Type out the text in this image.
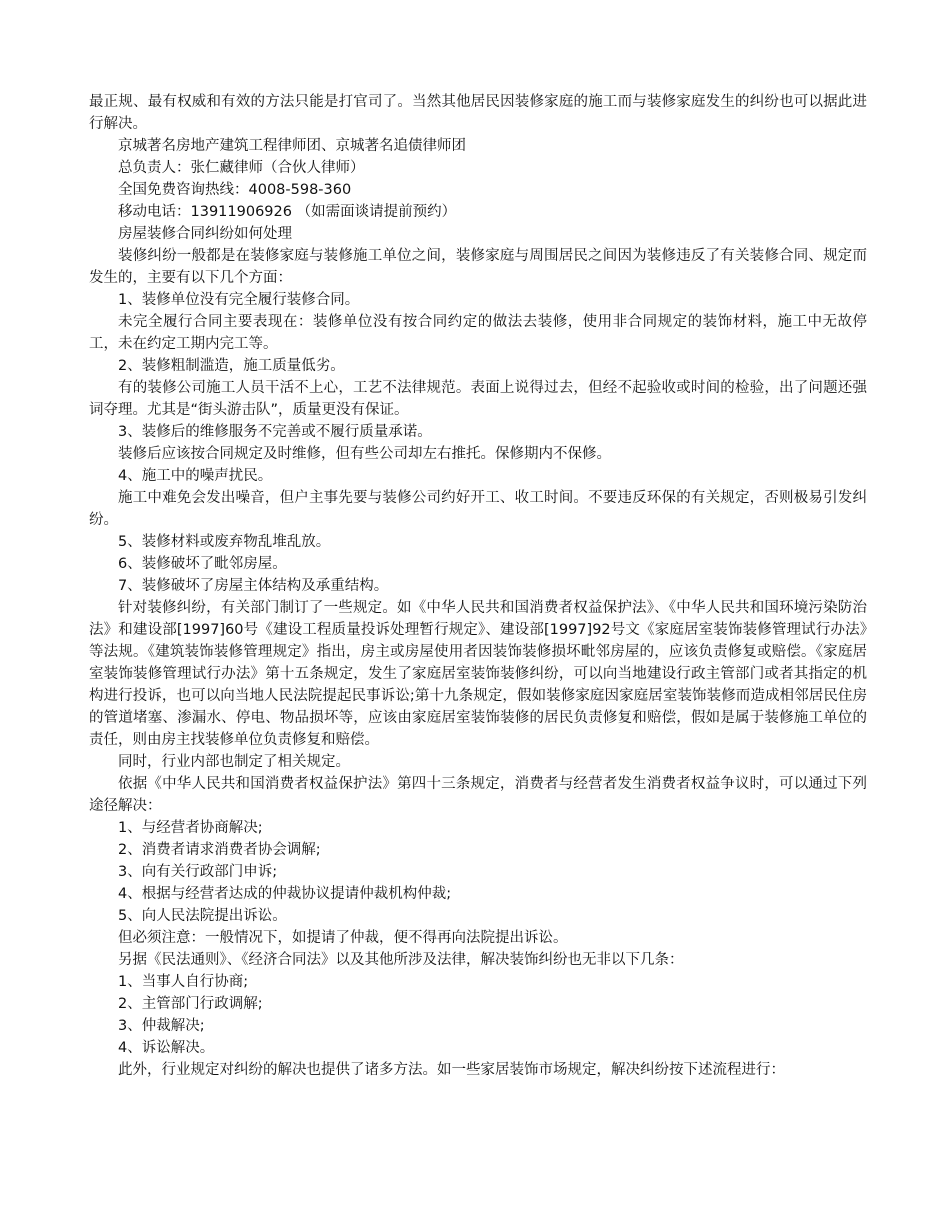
最正规、最有权威和有效的方法只能是打官司了。当然其他居民因装修家庭的施工而与装修家庭发生的纠纷也可以据此进行解决。

京城著名房地产建筑工程律师团、京城著名追债律师团

总负责人：张仁藏律师（合伙人律师）

全国免费咨询热线：4008-598-360

移动电话：13911906926 （如需面谈请提前预约）

房屋装修合同纠纷如何处理

装修纠纷一般都是在装修家庭与装修施工单位之间，装修家庭与周围居民之间因为装修违反了有关装修合同、规定而发生的，主要有以下几个方面：

1、装修单位没有完全履行装修合同。

未完全履行合同主要表现在：装修单位没有按合同约定的做法去装修，使用非合同规定的装饰材料，施工中无故停工，未在约定工期内完工等。

2、装修粗制滥造，施工质量低劣。

有的装修公司施工人员干活不上心，工艺不法律规范。表面上说得过去，但经不起验收或时间的检验，出了问题还强词夺理。尤其是“街头游击队”，质量更没有保证。

3、装修后的维修服务不完善或不履行质量承诺。

装修后应该按合同规定及时维修，但有些公司却左右推托。保修期内不保修。

4、施工中的噪声扰民。

施工中难免会发出噪音，但户主事先要与装修公司约好开工、收工时间。不要违反环保的有关规定，否则极易引发纠纷。

5、装修材料或废弃物乱堆乱放。

6、装修破坏了毗邻房屋。

7、装修破坏了房屋主体结构及承重结构。

针对装修纠纷，有关部门制订了一些规定。如《中华人民共和国消费者权益保护法》、《中华人民共和国环境污染防治法》和建设部[1997]60号《建设工程质量投诉处理暂行规定》、建设部[1997]92号文《家庭居室装饰装修管理试行办法》等法规。《建筑装饰装修管理规定》指出，房主或房屋使用者因装饰装修损坏毗邻房屋的，应该负责修复或赔偿。《家庭居室装饰装修管理试行办法》第十五条规定，发生了家庭居室装饰装修纠纷，可以向当地建设行政主管部门或者其指定的机构进行投诉，也可以向当地人民法院提起民事诉讼;第十九条规定，假如装修家庭因家庭居室装饰装修而造成相邻居民住房的管道堵塞、渗漏水、停电、物品损坏等，应该由家庭居室装饰装修的居民负责修复和赔偿，假如是属于装修施工单位的责任，则由房主找装修单位负责修复和赔偿。

同时，行业内部也制定了相关规定。

依据《中华人民共和国消费者权益保护法》第四十三条规定，消费者与经营者发生消费者权益争议时，可以通过下列途径解决：

1、与经营者协商解决;

2、消费者请求消费者协会调解;

3、向有关行政部门申诉;

4、根据与经营者达成的仲裁协议提请仲裁机构仲裁;

5、向人民法院提出诉讼。

但必须注意：一般情况下，如提请了仲裁，便不得再向法院提出诉讼。

另据《民法通则》、《经济合同法》以及其他所涉及法律，解决装饰纠纷也无非以下几条：

1、当事人自行协商;

2、主管部门行政调解;

3、仲裁解决;

4、诉讼解决。

此外，行业规定对纠纷的解决也提供了诸多方法。如一些家居装饰市场规定，解决纠纷按下述流程进行：
